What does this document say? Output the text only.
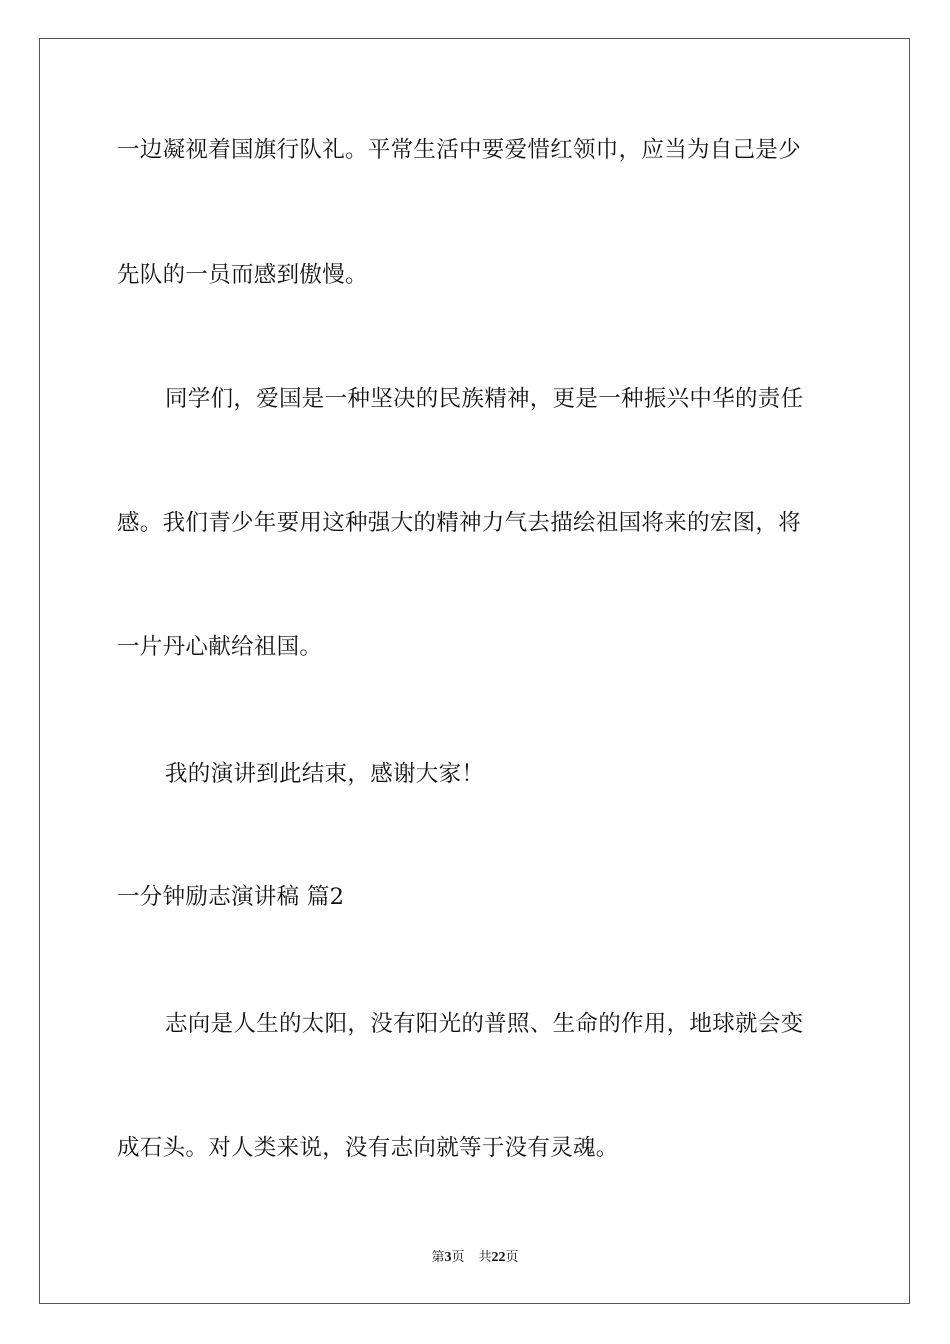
一边凝视着国旗行队礼。平常生活中要爱惜红领巾，应当为自己是少
先队的一员而感到傲慢。
同学们，爱国是一种坚决的民族精神，更是一种振兴中华的责任
感。我们青少年要用这种强大的精神力气去描绘祖国将来的宏图，将
一片丹心献给祖国。
我的演讲到此结束，感谢大家！
一分钟励志演讲稿 篇2
志向是人生的太阳，没有阳光的普照、生命的作用，地球就会变
成石头。对人类来说，没有志向就等于没有灵魂。
第3页 共22页
